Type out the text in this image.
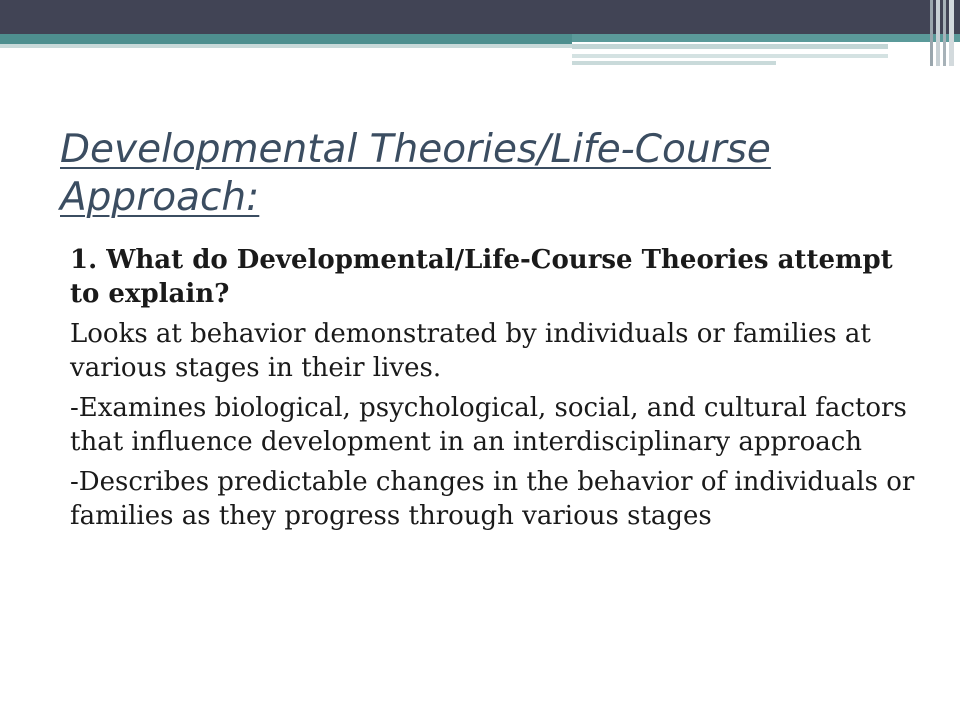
Developmental Theories/Life-Course Approach:

1. What do Developmental/Life-Course Theories attempt to explain?

Looks at behavior demonstrated by individuals or families at various stages in their lives.

-Examines biological, psychological, social, and cultural factors that influence development in an interdisciplinary approach

-Describes predictable changes in the behavior of individuals or families as they progress through various stages
